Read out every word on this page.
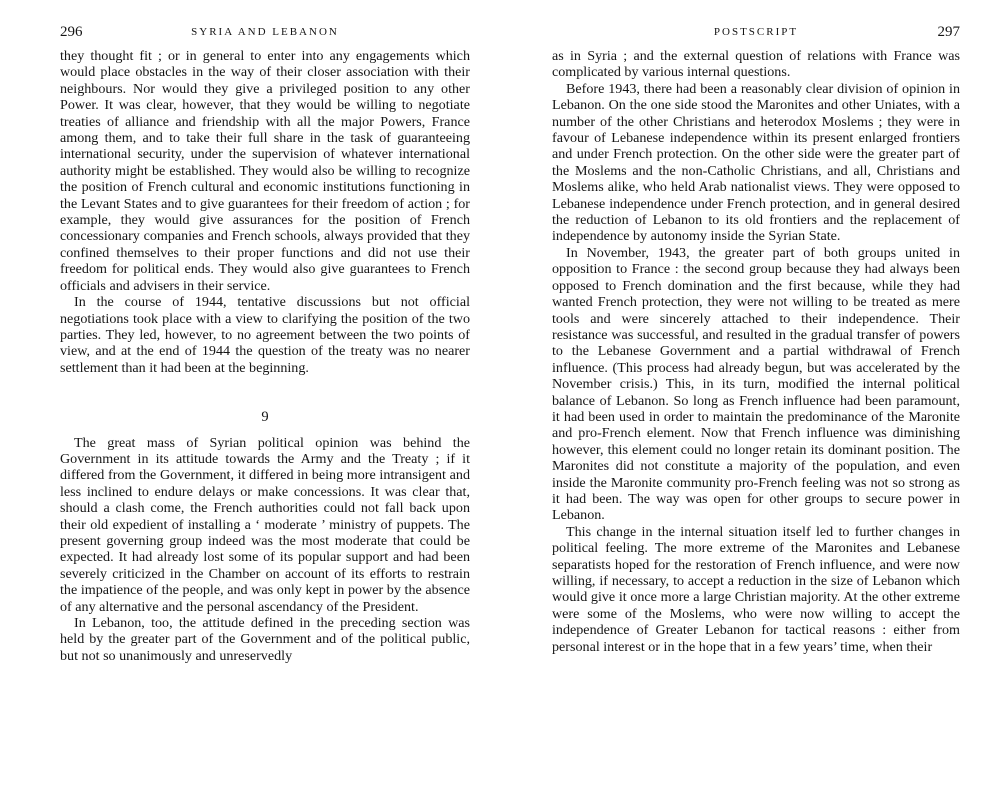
296	SYRIA AND LEBANON

they thought fit ; or in general to enter into any engagements which would place obstacles in the way of their closer association with their neighbours. Nor would they give a privileged position to any other Power. It was clear, however, that they would be willing to negotiate treaties of alliance and friendship with all the major Powers, France among them, and to take their full share in the task of guaranteeing international security, under the supervision of whatever international authority might be established. They would also be willing to recognize the position of French cultural and economic institutions functioning in the Levant States and to give guarantees for their freedom of action ; for example, they would give assurances for the position of French concessionary companies and French schools, always provided that they confined themselves to their proper functions and did not use their freedom for political ends. They would also give guarantees to French officials and advisers in their service.

In the course of 1944, tentative discussions but not official negotiations took place with a view to clarifying the position of the two parties. They led, however, to no agreement between the two points of view, and at the end of 1944 the question of the treaty was no nearer settlement than it had been at the beginning.

9

The great mass of Syrian political opinion was behind the Government in its attitude towards the Army and the Treaty ; if it differed from the Government, it differed in being more intransigent and less inclined to endure delays or make concessions. It was clear that, should a clash come, the French authorities could not fall back upon their old expedient of installing a ‘ moderate ’ ministry of puppets. The present governing group indeed was the most moderate that could be expected. It had already lost some of its popular support and had been severely criticized in the Chamber on account of its efforts to restrain the impatience of the people, and was only kept in power by the absence of any alternative and the personal ascendancy of the President.

In Lebanon, too, the attitude defined in the preceding section was held by the greater part of the Government and of the political public, but not so unanimously and unreservedly

POSTSCRIPT	297

as in Syria ; and the external question of relations with France was complicated by various internal questions.

Before 1943, there had been a reasonably clear division of opinion in Lebanon. On the one side stood the Maronites and other Uniates, with a number of the other Christians and heterodox Moslems ; they were in favour of Lebanese independence within its present enlarged frontiers and under French protection. On the other side were the greater part of the Moslems and the non-Catholic Christians, and all, Christians and Moslems alike, who held Arab nationalist views. They were opposed to Lebanese independence under French protection, and in general desired the reduction of Lebanon to its old frontiers and the replacement of independence by autonomy inside the Syrian State.

In November, 1943, the greater part of both groups united in opposition to France : the second group because they had always been opposed to French domination and the first because, while they had wanted French protection, they were not willing to be treated as mere tools and were sincerely attached to their independence. Their resistance was successful, and resulted in the gradual transfer of powers to the Lebanese Government and a partial withdrawal of French influence. (This process had already begun, but was accelerated by the November crisis.) This, in its turn, modified the internal political balance of Lebanon. So long as French influence had been paramount, it had been used in order to maintain the predominance of the Maronite and pro-French element. Now that French influence was diminishing however, this element could no longer retain its dominant position. The Maronites did not constitute a majority of the population, and even inside the Maronite community pro-French feeling was not so strong as it had been. The way was open for other groups to secure power in Lebanon.

This change in the internal situation itself led to further changes in political feeling. The more extreme of the Maronites and Lebanese separatists hoped for the restoration of French influence, and were now willing, if necessary, to accept a reduction in the size of Lebanon which would give it once more a large Christian majority. At the other extreme were some of the Moslems, who were now willing to accept the independence of Greater Lebanon for tactical reasons : either from personal interest or in the hope that in a few years’ time, when their
